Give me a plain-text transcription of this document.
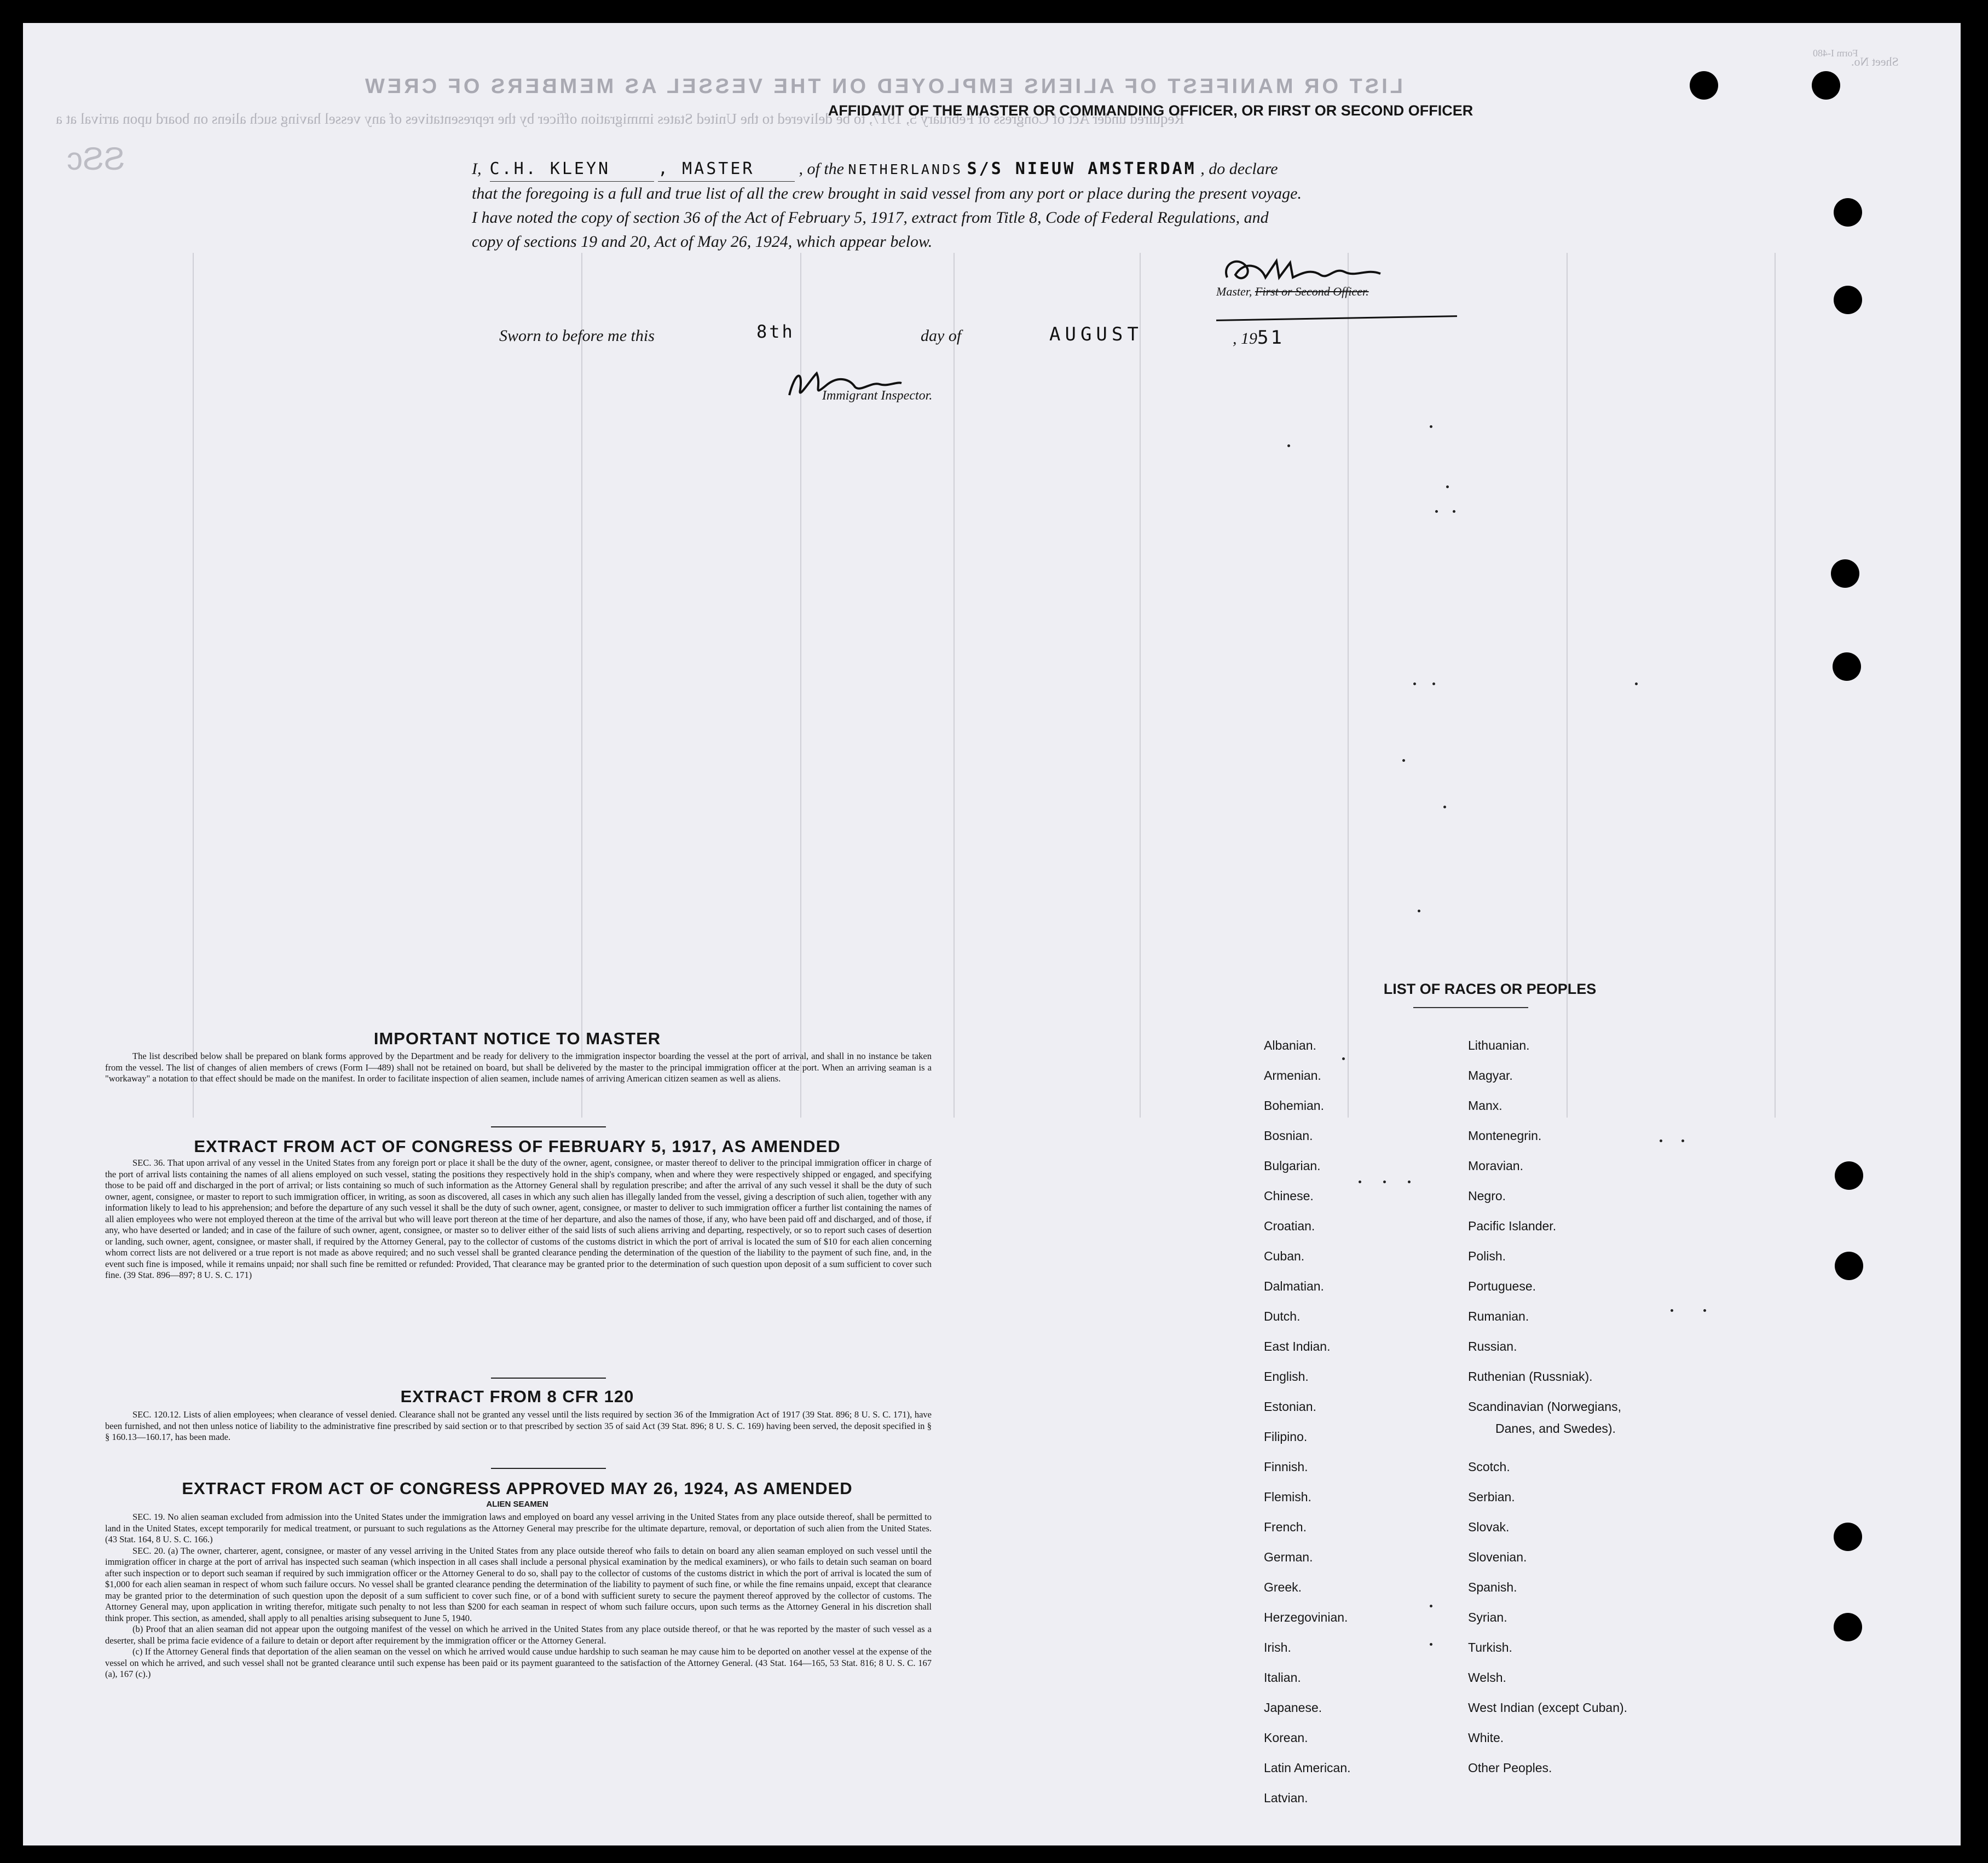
LIST OR MANIFEST OF ALIENS EMPLOYED ON THE VESSEL AS MEMBERS OF CREW
Required under Act of Congress of February 5, 1917, to be delivered to the United States immigration officer by the representatives of any vessel having such aliens on board upon arrival at a
Sheet No.
Form I-480
ɔƧƧ
AFFIDAVIT OF THE MASTER OR COMMANDING OFFICER, OR FIRST OR SECOND OFFICER
I, C.H. KLEYN	, MASTER	, of the NETHERLANDS S/S NIEUW AMSTERDAM , do declare
that the foregoing is a full and true list of all the crew brought in said vessel from any port or place during the present voyage.
I have noted the copy of section 36 of the Act of February 5, 1917, extract from Title 8, Code of Federal Regulations, and
copy of sections 19 and 20, Act of May 26, 1924, which appear below.
Master, First or Second Officer.
Sworn to before me this	8th	day of	AUGUST	, 1951
Immigrant Inspector.
IMPORTANT NOTICE TO MASTER

The list described below shall be prepared on blank forms approved by the Department and be ready for delivery to the immigration inspector boarding the vessel at the port of arrival, and shall in no instance be taken from the vessel. The list of changes of alien members of crews (Form I—489) shall not be retained on board, but shall be delivered by the master to the principal immigration officer at the port. When an arriving seaman is a "workaway" a notation to that effect should be made on the manifest. In order to facilitate inspection of alien seamen, include names of arriving American citizen seamen as well as aliens.

EXTRACT FROM ACT OF CONGRESS OF FEBRUARY 5, 1917, AS AMENDED

SEC. 36. That upon arrival of any vessel in the United States from any foreign port or place it shall be the duty of the owner, agent, consignee, or master thereof to deliver to the principal immigration officer in charge of the port of arrival lists containing the names of all aliens employed on such vessel, stating the positions they respectively hold in the ship's company, when and where they were respectively shipped or engaged, and specifying those to be paid off and discharged in the port of arrival; or lists containing so much of such information as the Attorney General shall by regulation prescribe; and after the arrival of any such vessel it shall be the duty of such owner, agent, consignee, or master to report to such immigration officer, in writing, as soon as discovered, all cases in which any such alien has illegally landed from the vessel, giving a description of such alien, together with any information likely to lead to his apprehension; and before the departure of any such vessel it shall be the duty of such owner, agent, consignee, or master to deliver to such immigration officer a further list containing the names of all alien employees who were not employed thereon at the time of the arrival but who will leave port thereon at the time of her departure, and also the names of those, if any, who have been paid off and discharged, and of those, if any, who have deserted or landed; and in case of the failure of such owner, agent, consignee, or master so to deliver either of the said lists of such aliens arriving and departing, respectively, or so to report such cases of desertion or landing, such owner, agent, consignee, or master shall, if required by the Attorney General, pay to the collector of customs of the customs district in which the port of arrival is located the sum of $10 for each alien concerning whom correct lists are not delivered or a true report is not made as above required; and no such vessel shall be granted clearance pending the determination of the question of the liability to the payment of such fine, and, in the event such fine is imposed, while it remains unpaid; nor shall such fine be remitted or refunded: Provided, That clearance may be granted prior to the determination of such question upon deposit of a sum sufficient to cover such fine. (39 Stat. 896—897; 8 U. S. C. 171)

EXTRACT FROM 8 CFR 120

SEC. 120.12. Lists of alien employees; when clearance of vessel denied. Clearance shall not be granted any vessel until the lists required by section 36 of the Immigration Act of 1917 (39 Stat. 896; 8 U. S. C. 171), have been furnished, and not then unless notice of liability to the administrative fine prescribed by said section or to that prescribed by section 35 of said Act (39 Stat. 896; 8 U. S. C. 169) having been served, the deposit specified in § § 160.13—160.17, has been made.

EXTRACT FROM ACT OF CONGRESS APPROVED MAY 26, 1924, AS AMENDED
ALIEN SEAMEN

SEC. 19. No alien seaman excluded from admission into the United States under the immigration laws and employed on board any vessel arriving in the United States from any place outside thereof, shall be permitted to land in the United States, except temporarily for medical treatment, or pursuant to such regulations as the Attorney General may prescribe for the ultimate departure, removal, or deportation of such alien from the United States. (43 Stat. 164, 8 U. S. C. 166.)

SEC. 20. (a) The owner, charterer, agent, consignee, or master of any vessel arriving in the United States from any place outside thereof who fails to detain on board any alien seaman employed on such vessel until the immigration officer in charge at the port of arrival has inspected such seaman (which inspection in all cases shall include a personal physical examination by the medical examiners), or who fails to detain such seaman on board after such inspection or to deport such seaman if required by such immigration officer or the Attorney General to do so, shall pay to the collector of customs of the customs district in which the port of arrival is located the sum of $1,000 for each alien seaman in respect of whom such failure occurs. No vessel shall be granted clearance pending the determination of the liability to payment of such fine, or while the fine remains unpaid, except that clearance may be granted prior to the determination of such question upon the deposit of a sum sufficient to cover such fine, or of a bond with sufficient surety to secure the payment thereof approved by the collector of customs. The Attorney General may, upon application in writing therefor, mitigate such penalty to not less than $200 for each seaman in respect of whom such failure occurs, upon such terms as the Attorney General in his discretion shall think proper. This section, as amended, shall apply to all penalties arising subsequent to June 5, 1940.

(b) Proof that an alien seaman did not appear upon the outgoing manifest of the vessel on which he arrived in the United States from any place outside thereof, or that he was reported by the master of such vessel as a deserter, shall be prima facie evidence of a failure to detain or deport after requirement by the immigration officer or the Attorney General.

(c) If the Attorney General finds that deportation of the alien seaman on the vessel on which he arrived would cause undue hardship to such seaman he may cause him to be deported on another vessel at the expense of the vessel on which he arrived, and such vessel shall not be granted clearance until such expense has been paid or its payment guaranteed to the satisfaction of the Attorney General. (43 Stat. 164—165, 53 Stat. 816; 8 U. S. C. 167 (a), 167 (c).)

LIST OF RACES OR PEOPLES
Albanian.
Armenian.
Bohemian.
Bosnian.
Bulgarian.
Chinese.
Croatian.
Cuban.
Dalmatian.
Dutch.
East Indian.
English.
Estonian.
Filipino.
Finnish.
Flemish.
French.
German.
Greek.
Herzegovinian.
Irish.
Italian.
Japanese.
Korean.
Latin American.
Latvian.
Lithuanian.
Magyar.
Manx.
Montenegrin.
Moravian.
Negro.
Pacific Islander.
Polish.
Portuguese.
Rumanian.
Russian.
Ruthenian (Russniak).
Scandinavian (Norwegians,
Scotch.
Serbian.
Slovak.
Slovenian.
Spanish.
Syrian.
Turkish.
Welsh.
West Indian (except Cuban).
White.
Other Peoples.
Danes, and Swedes).
